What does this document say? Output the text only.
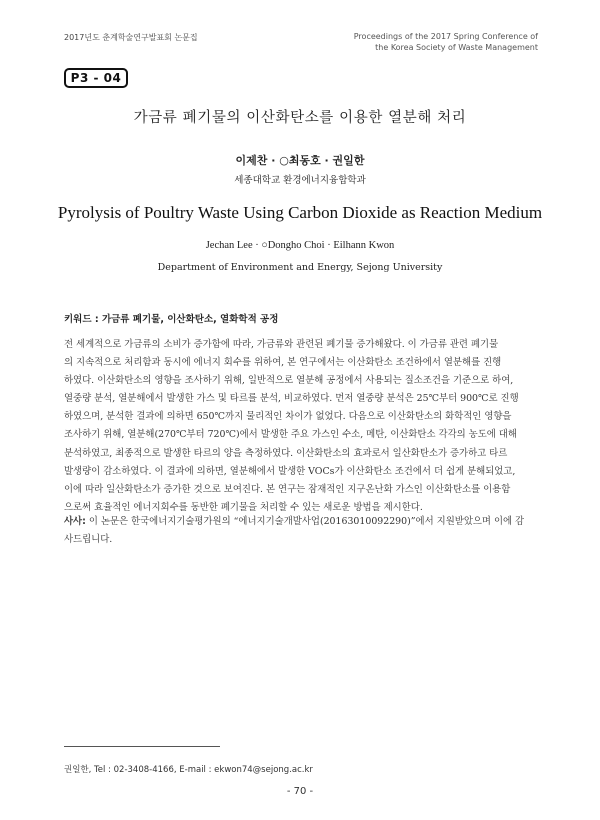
2017년도 춘계학술연구발표회 논문집	Proceedings of the 2017 Spring Conference of
the Korea Society of Waste Management
P3 - 04
가금류 폐기물의 이산화탄소를 이용한 열분해 처리
이제찬 · ○최동호 · 권일한
세종대학교 환경에너지융합학과
Pyrolysis of Poultry Waste Using Carbon Dioxide as Reaction Medium
Jechan Lee · ○Dongho Choi · Eilhann Kwon
Department of Environment and Energy, Sejong University
키워드 : 가금류 폐기물, 이산화탄소, 열화학적 공정
전 세계적으로 가금류의 소비가 증가함에 따라, 가금류와 관련된 폐기물 증가해왔다. 이 가금류 관련 폐기물
의 지속적으로 처리함과 동시에 에너지 회수를 위하여, 본 연구에서는 이산화탄소 조건하에서 열분해를 진행
하였다. 이산화탄소의 영향을 조사하기 위해, 일반적으로 열분해 공정에서 사용되는 질소조건을 기준으로 하여,
열중량 분석, 열분해에서 발생한 가스 및 타르를 분석, 비교하였다. 먼저 열중량 분석은 25℃부터 900℃로 진행
하였으며, 분석한 결과에 의하면 650℃까지 물리적인 차이가 없었다. 다음으로 이산화탄소의 화학적인 영향을
조사하기 위해, 열분해(270℃부터 720℃)에서 발생한 주요 가스인 수소, 메탄, 이산화탄소 각각의 농도에 대해
분석하였고, 최종적으로 발생한 타르의 양을 측정하였다. 이산화탄소의 효과로서 일산화탄소가 증가하고 타르
발생량이 감소하였다. 이 결과에 의하면, 열분해에서 발생한 VOCs가 이산화탄소 조건에서 더 쉽게 분해되었고,
이에 따라 일산화탄소가 증가한 것으로 보여진다. 본 연구는 잠재적인 지구온난화 가스인 이산화탄소를 이용함
으로써 효율적인 에너지회수를 동반한 폐기물을 처리할 수 있는 새로운 방법을 제시한다.
사사: 이 논문은 한국에너지기술평가원의 “에너지기술개발사업(20163010092290)”에서 지원받았으며 이에 감
사드립니다.
권일한, Tel : 02-3408-4166, E-mail : ekwon74@sejong.ac.kr
- 70 -
